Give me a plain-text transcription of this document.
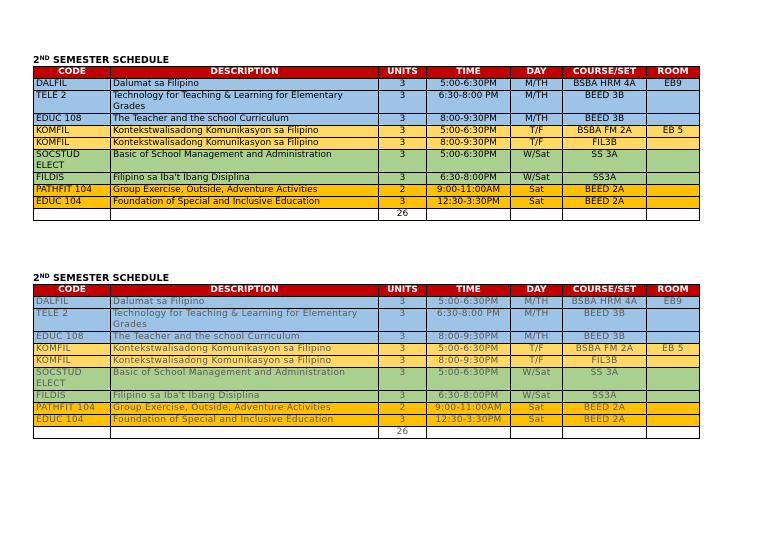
2ND SEMESTER SCHEDULE

CODE	DESCRIPTION	UNITS	TIME	DAY	COURSE/SET	ROOM
DALFIL	Dalumat sa Filipino	3	5:00-6:30PM	M/TH	BSBA HRM 4A	EB9
TELE 2	Technology for Teaching & Learning for Elementary Grades	3	6:30-8:00 PM	M/TH	BEED 3B	
EDUC 108	The Teacher and the school Curriculum	3	8:00-9:30PM	M/TH	BEED 3B	
KOMFIL	Kontekstwalisadong Komunikasyon sa Filipino	3	5:00-6:30PM	T/F	BSBA FM 2A	EB 5
KOMFIL	Kontekstwalisadong Komunikasyon sa Filipino	3	8:00-9:30PM	T/F	FIL3B	
SOCSTUD ELECT	Basic of School Management and Administration	3	5:00-6:30PM	W/Sat	SS 3A	
FILDIS	Filipino sa Iba't Ibang Disiplina	3	6:30-8:00PM	W/Sat	SS3A	
PATHFIT 104	Group Exercise, Outside, Adventure Activities	2	9:00-11:00AM	Sat	BEED 2A	
EDUC 104	Foundation of Special and Inclusive Education	3	12:30-3:30PM	Sat	BEED 2A	
		26				

2ND SEMESTER SCHEDULE

CODE	DESCRIPTION	UNITS	TIME	DAY	COURSE/SET	ROOM
DALFIL	Dalumat sa Filipino	3	5:00-6:30PM	M/TH	BSBA HRM 4A	EB9
TELE 2	Technology for Teaching & Learning for Elementary Grades	3	6:30-8:00 PM	M/TH	BEED 3B	
EDUC 108	The Teacher and the school Curriculum	3	8:00-9:30PM	M/TH	BEED 3B	
KOMFIL	Kontekstwalisadong Komunikasyon sa Filipino	3	5:00-6:30PM	T/F	BSBA FM 2A	EB 5
KOMFIL	Kontekstwalisadong Komunikasyon sa Filipino	3	8:00-9:30PM	T/F	FIL3B	
SOCSTUD ELECT	Basic of School Management and Administration	3	5:00-6:30PM	W/Sat	SS 3A	
FILDIS	Filipino sa Iba't Ibang Disiplina	3	6:30-8:00PM	W/Sat	SS3A	
PATHFIT 104	Group Exercise, Outside, Adventure Activities	2	9:00-11:00AM	Sat	BEED 2A	
EDUC 104	Foundation of Special and Inclusive Education	3	12:30-3:30PM	Sat	BEED 2A	
		26				
